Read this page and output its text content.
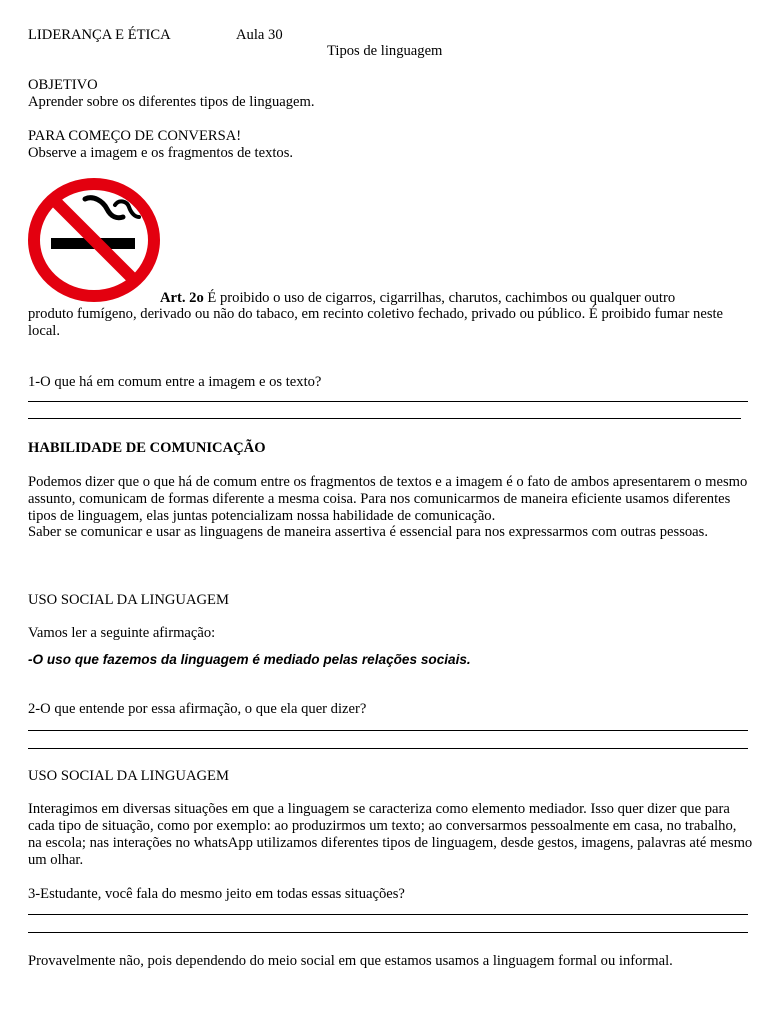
LIDERANÇA E ÉTICA	Aula 30
Tipos de linguagem
OBJETIVO
Aprender sobre os diferentes tipos de linguagem.
PARA COMEÇO DE CONVERSA!
Observe a imagem e os fragmentos de textos.
Art. 2o É proibido o uso de cigarros, cigarrilhas, charutos, cachimbos ou qualquer outro
produto fumígeno, derivado ou não do tabaco, em recinto coletivo fechado, privado ou público. É proibido fumar neste local.
1-O que há em comum entre a imagem e os texto?
HABILIDADE DE COMUNICAÇÃO
Podemos dizer que o que há de comum entre os fragmentos de textos e a imagem é o fato de ambos apresentarem o mesmo assunto, comunicam de formas diferente a mesma coisa. Para nos comunicarmos de maneira eficiente usamos diferentes tipos de linguagem, elas juntas potencializam nossa habilidade de comunicação.
Saber se comunicar e usar as linguagens de maneira assertiva é essencial para nos expressarmos com outras pessoas.
USO SOCIAL DA LINGUAGEM
Vamos ler a seguinte afirmação:
-O uso que fazemos da linguagem é mediado pelas relações sociais.
2-O que entende por essa afirmação, o que ela quer dizer?
USO SOCIAL DA LINGUAGEM
Interagimos em diversas situações em que a linguagem se caracteriza como elemento mediador. Isso quer dizer que para cada tipo de situação, como por exemplo: ao produzirmos um texto; ao conversarmos pessoalmente em casa, no trabalho, na escola; nas interações no whatsApp utilizamos diferentes tipos de linguagem, desde gestos, imagens, palavras até mesmo um olhar.
3-Estudante, você fala do mesmo jeito em todas essas situações?
Provavelmente não, pois dependendo do meio social em que estamos usamos a linguagem formal ou informal.
